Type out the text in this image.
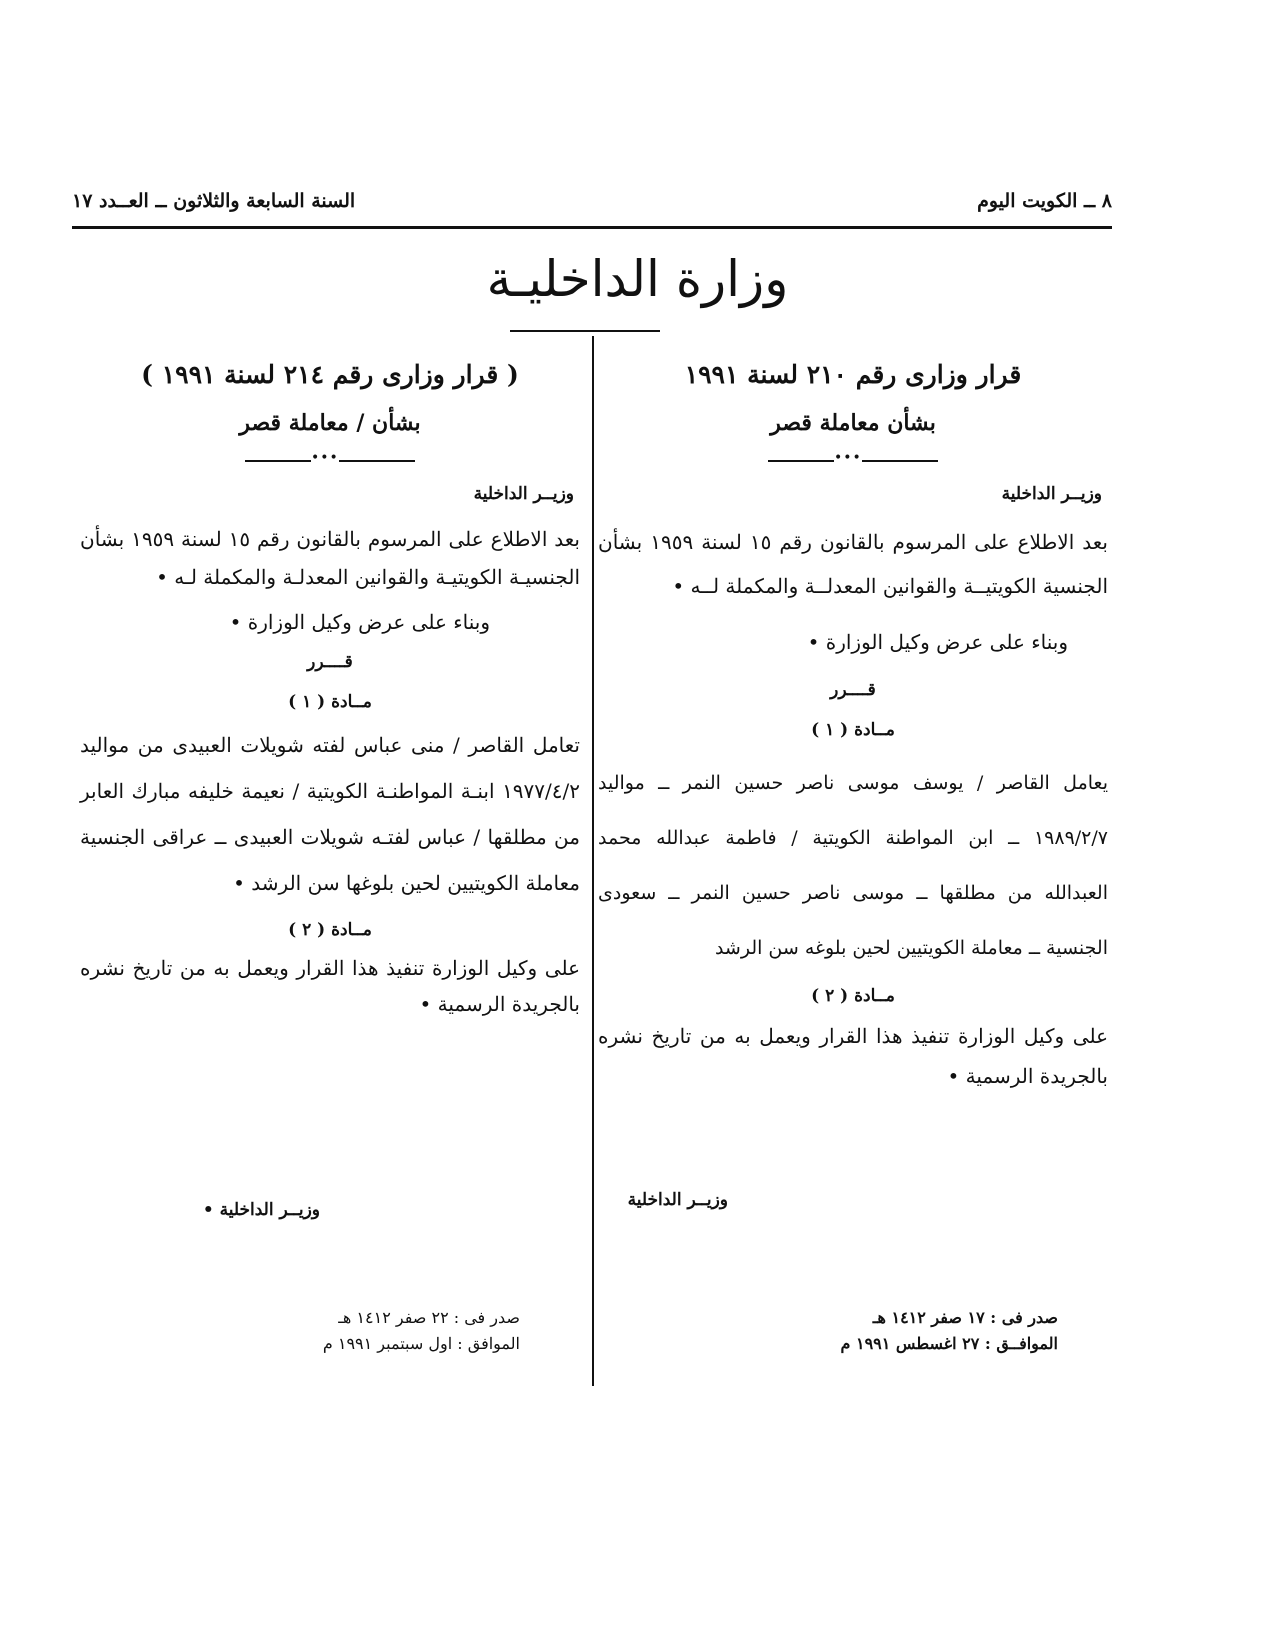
٨ ــ الكويت اليوم
السنة السابعة والثلاثون ــ العــدد ١٧
وزارة الداخليـة
قرار وزارى رقم ٢١٠ لسنة ١٩٩١
بشأن معاملة قصر
•••
وزيــر الداخلية
بعد الاطلاع على المرسوم بالقانون رقم ١٥ لسنة ١٩٥٩ بشأن الجنسية الكويتيــة والقوانين المعدلــة والمكملة لــه •
وبناء على عرض وكيل الوزارة •
قــــرر
مــادة ( ١ )
يعامل القاصر / يوسف موسى ناصر حسين النمر ــ مواليد ١٩٨٩/٢/٧ ــ ابن المواطنة الكويتية / فاطمة عبدالله محمد العبدالله من مطلقها ــ موسى ناصر حسين النمر ــ سعودى الجنسية ــ معاملة الكويتيين لحين بلوغه سن الرشد
مــادة ( ٢ )
على وكيل الوزارة تنفيذ هذا القرار ويعمل به من تاريخ نشره بالجريدة الرسمية •
وزيــر الداخلية
صدر فى : ١٧ صفر ١٤١٢ هـ
الموافــق : ٢٧ اغسطس ١٩٩١ م
( قرار وزارى رقم ٢١٤ لسنة ١٩٩١ )
بشأن / معاملة قصر
•••
وزيــر الداخلية
بعد الاطلاع على المرسوم بالقانون رقم ١٥ لسنة ١٩٥٩ بشأن الجنسيـة الكويتيـة والقوانين المعدلـة والمكملة لـه •
وبناء على عرض وكيل الوزارة •
قــــرر
مــادة ( ١ )
تعامل القاصر / منى عباس لفته شويلات العبيدى من مواليد ١٩٧٧/٤/٢ ابنـة المواطنـة الكويتية / نعيمة خليفه مبارك العابر من مطلقها / عباس لفتـه شويلات العبيدى ــ عراقى الجنسية معاملة الكويتيين لحين بلوغها سن الرشد •
مــادة ( ٢ )
على وكيل الوزارة تنفيذ هذا القرار ويعمل به من تاريخ نشره بالجريدة الرسمية •
وزيــر الداخلية •
صدر فى : ٢٢ صفر ١٤١٢ هـ
الموافق : اول سبتمبر ١٩٩١ م
